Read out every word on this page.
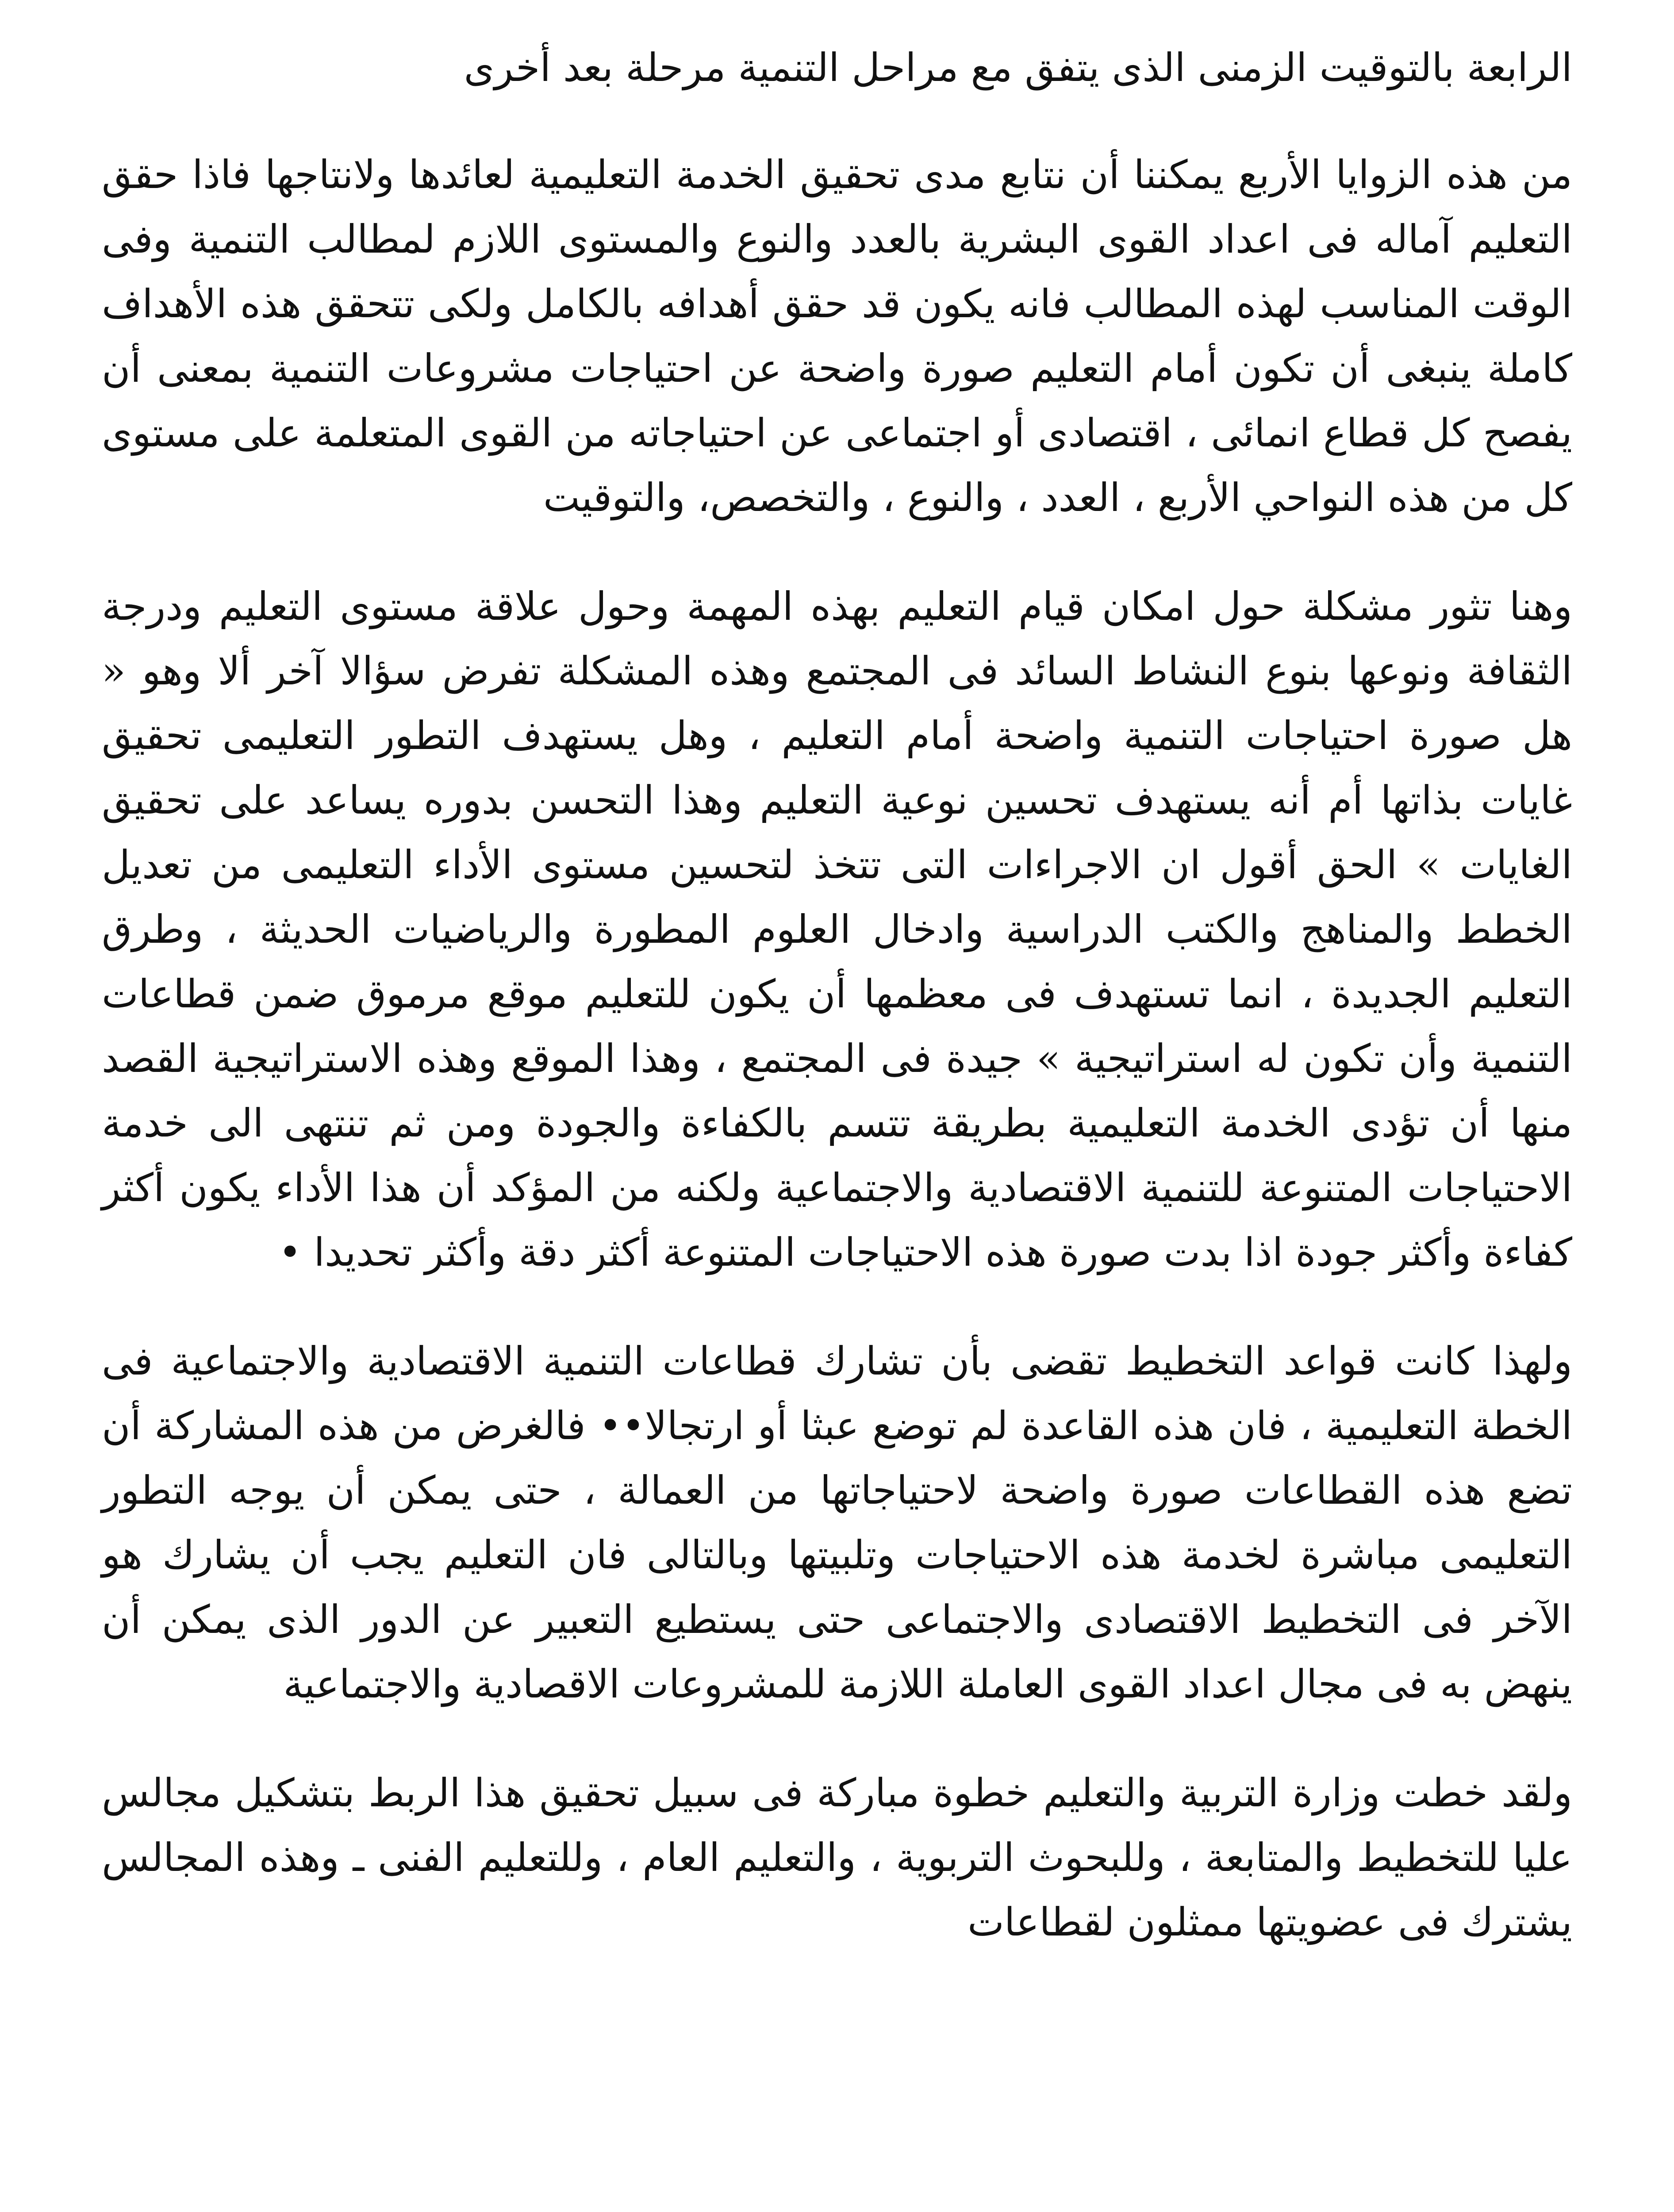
الرابعة بالتوقيت الزمنى الذى يتفق مع مراحل التنمية مرحلة بعد أخرى

من هذه الزوايا الأربع يمكننا أن نتابع مدى تحقيق الخدمة التعليمية لعائدها ولانتاجها فاذا حقق التعليم آماله فى اعداد القوى البشرية بالعدد والنوع والمستوى اللازم لمطالب التنمية وفى الوقت المناسب لهذه المطالب فانه يكون قد حقق أهدافه بالكامل ولكى تتحقق هذه الأهداف كاملة ينبغى أن تكون أمام التعليم صورة واضحة عن احتياجات مشروعات التنمية بمعنى أن يفصح كل قطاع انمائى ، اقتصادى أو اجتماعى عن احتياجاته من القوى المتعلمة على مستوى كل من هذه النواحي الأربع ، العدد ، والنوع ، والتخصص، والتوقيت

وهنا تثور مشكلة حول امكان قيام التعليم بهذه المهمة وحول علاقة مستوى التعليم ودرجة الثقافة ونوعها بنوع النشاط السائد فى المجتمع وهذه المشكلة تفرض سؤالا آخر ألا وهو « هل صورة احتياجات التنمية واضحة أمام التعليم ، وهل يستهدف التطور التعليمى تحقيق غايات بذاتها أم أنه يستهدف تحسين نوعية التعليم وهذا التحسن بدوره يساعد على تحقيق الغايات » الحق أقول ان الاجراءات التى تتخذ لتحسين مستوى الأداء التعليمى من تعديل الخطط والمناهج والكتب الدراسية وادخال العلوم المطورة والرياضيات الحديثة ، وطرق التعليم الجديدة ، انما تستهدف فى معظمها أن يكون للتعليم موقع مرموق ضمن قطاعات التنمية وأن تكون له استراتيجية » جيدة فى المجتمع ، وهذا الموقع وهذه الاستراتيجية القصد منها أن تؤدى الخدمة التعليمية بطريقة تتسم بالكفاءة والجودة ومن ثم تنتهى الى خدمة الاحتياجات المتنوعة للتنمية الاقتصادية والاجتماعية ولكنه من المؤكد أن هذا الأداء يكون أكثر كفاءة وأكثر جودة اذا بدت صورة هذه الاحتياجات المتنوعة أكثر دقة وأكثر تحديدا •

ولهذا كانت قواعد التخطيط تقضى بأن تشارك قطاعات التنمية الاقتصادية والاجتماعية فى الخطة التعليمية ، فان هذه القاعدة لم توضع عبثا أو ارتجالا•• فالغرض من هذه المشاركة أن تضع هذه القطاعات صورة واضحة لاحتياجاتها من العمالة ، حتى يمكن أن يوجه التطور التعليمى مباشرة لخدمة هذه الاحتياجات وتلبيتها وبالتالى فان التعليم يجب أن يشارك هو الآخر فى التخطيط الاقتصادى والاجتماعى حتى يستطيع التعبير عن الدور الذى يمكن أن ينهض به فى مجال اعداد القوى العاملة اللازمة للمشروعات الاقصادية والاجتماعية

ولقد خطت وزارة التربية والتعليم خطوة مباركة فى سبيل تحقيق هذا الربط بتشكيل مجالس عليا للتخطيط والمتابعة ، وللبحوث التربوية ، والتعليم العام ، وللتعليم الفنى ـ وهذه المجالس يشترك فى عضويتها ممثلون لقطاعات
